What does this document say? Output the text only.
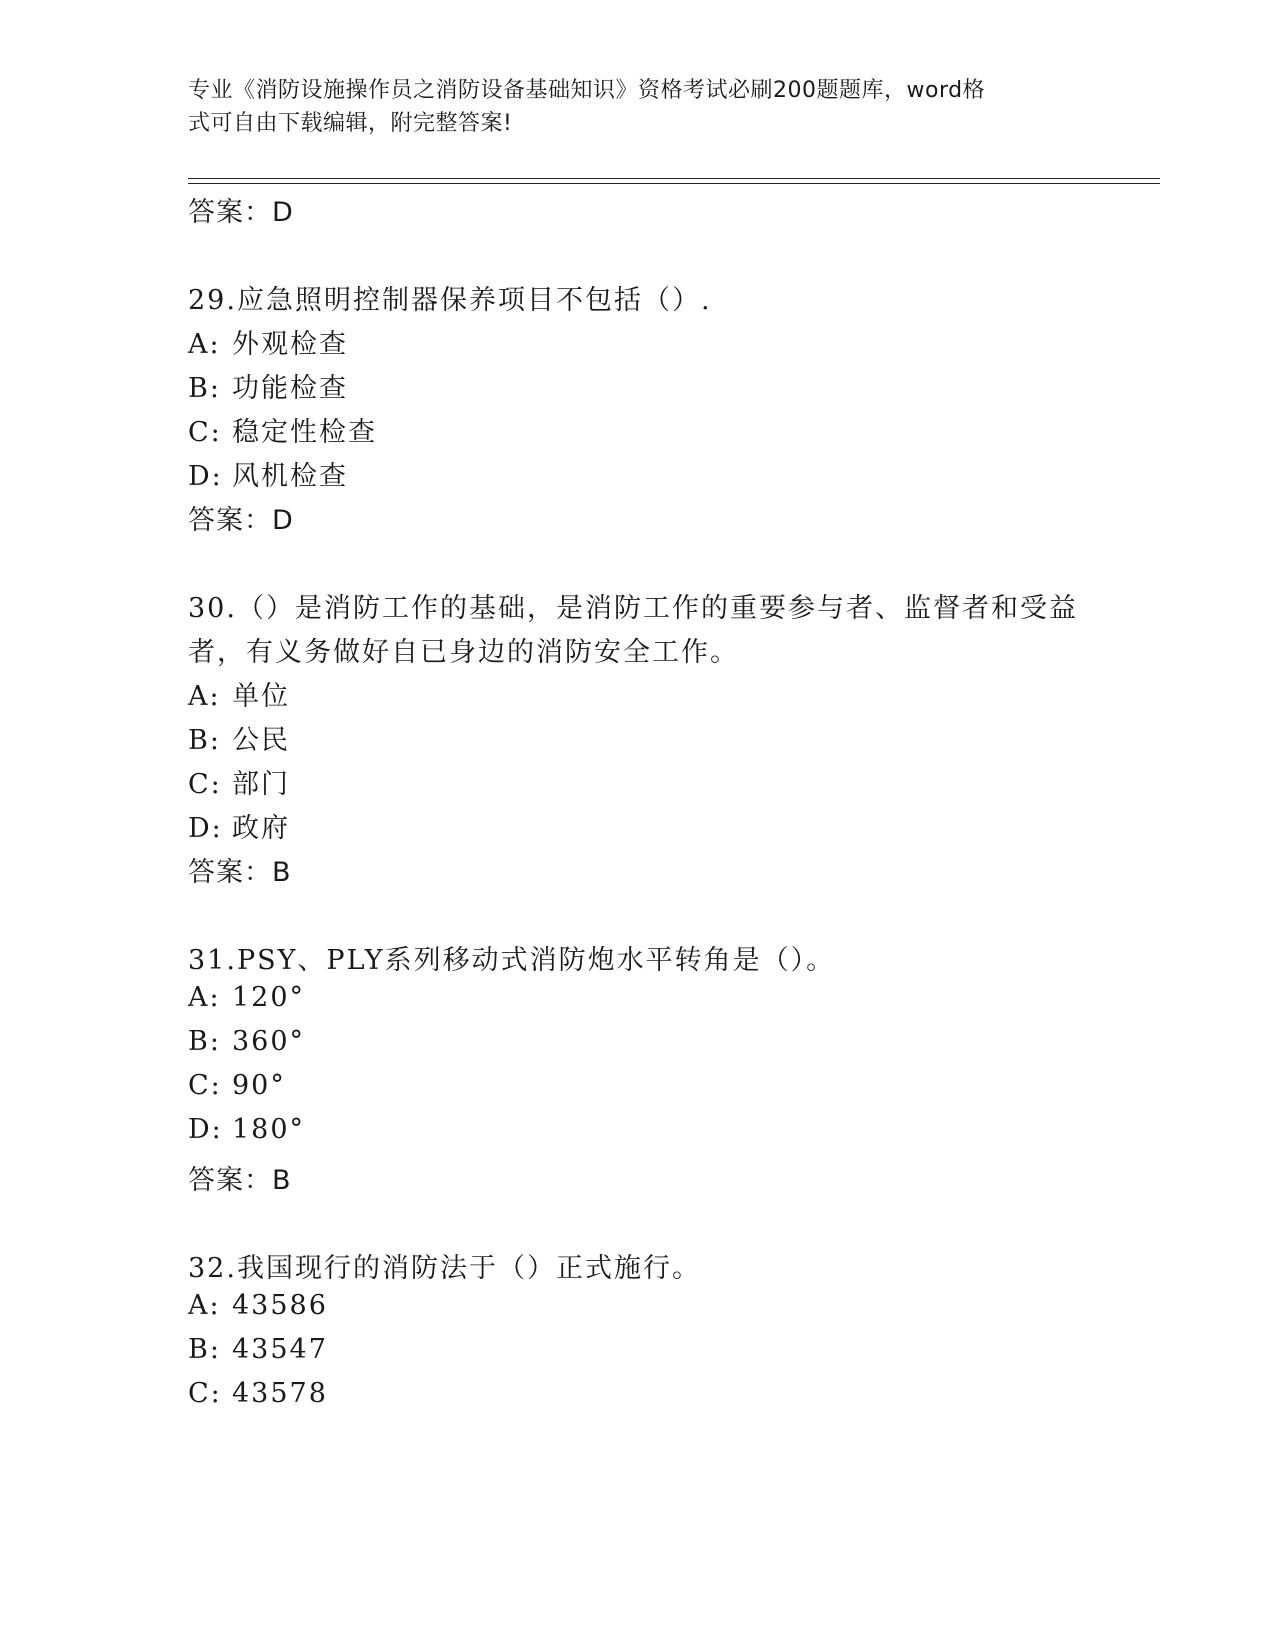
专业《消防设施操作员之消防设备基础知识》资格考试必刷200题题库，word格
式可自由下载编辑，附完整答案!
答案：D
29.应急照明控制器保养项目不包括（）.
A: 外观检查
B: 功能检查
C: 稳定性检查
D: 风机检查
答案：D
30.（）是消防工作的基础，是消防工作的重要参与者、监督者和受益
者，有义务做好自已身边的消防安全工作。
A: 单位
B: 公民
C: 部门
D: 政府
答案：B
31.PSY、PLY系列移动式消防炮水平转角是（）。
A: 120°
B: 360°
C: 90°
D: 180°
答案：B
32.我国现行的消防法于（）正式施行。
A: 43586
B: 43547
C: 43578
